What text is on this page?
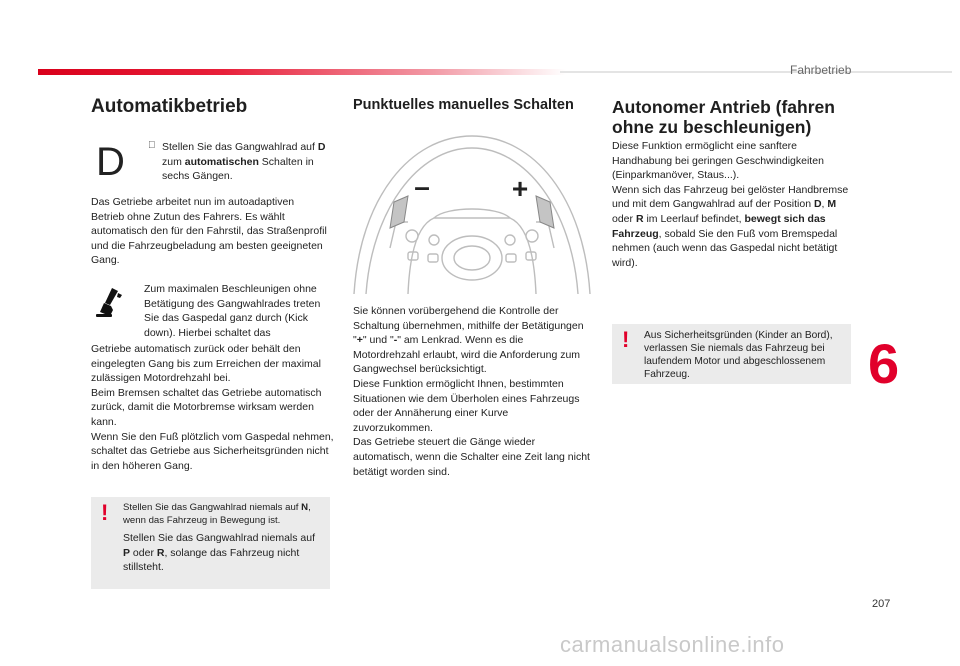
Fahrbetrieb
Automatikbetrieb
D	Stellen Sie das Gangwahlrad auf D zum automatischen Schalten in sechs Gängen.
Das Getriebe arbeitet nun im autoadaptiven Betrieb ohne Zutun des Fahrers. Es wählt automatisch den für den Fahrstil, das Straßenprofil und die Fahrzeugbeladung am besten geeigneten Gang.
Zum maximalen Beschleunigen ohne Betätigung des Gangwahlrades treten Sie das Gaspedal ganz durch (Kick down). Hierbei schaltet das
Getriebe automatisch zurück oder behält den eingelegten Gang bis zum Erreichen der maximal zulässigen Motordrehzahl bei.
Beim Bremsen schaltet das Getriebe automatisch zurück, damit die Motorbremse wirksam werden kann.
Wenn Sie den Fuß plötzlich vom Gaspedal nehmen, schaltet das Getriebe aus Sicherheitsgründen nicht in den höheren Gang.
! Stellen Sie das Gangwahlrad niemals auf N, wenn das Fahrzeug in Bewegung ist.
Stellen Sie das Gangwahlrad niemals auf P oder R, solange das Fahrzeug nicht stillsteht.
Punktuelles manuelles Schalten
–	+
Sie können vorübergehend die Kontrolle der Schaltung übernehmen, mithilfe der Betätigungen "+" und "-" am Lenkrad. Wenn es die Motordrehzahl erlaubt, wird die Anforderung zum Gangwechsel berücksichtigt.
Diese Funktion ermöglicht Ihnen, bestimmten Situationen wie dem Überholen eines Fahrzeugs oder der Annäherung einer Kurve zuvorzukommen.
Das Getriebe steuert die Gänge wieder automatisch, wenn die Schalter eine Zeit lang nicht betätigt worden sind.
Autonomer Antrieb (fahren ohne zu beschleunigen)
Diese Funktion ermöglicht eine sanftere Handhabung bei geringen Geschwindigkeiten (Einparkmanöver, Staus...).
Wenn sich das Fahrzeug bei gelöster Handbremse und mit dem Gangwahlrad auf der Position D, M oder R im Leerlauf befindet, bewegt sich das Fahrzeug, sobald Sie den Fuß vom Bremspedal nehmen (auch wenn das Gaspedal nicht betätigt wird).
! Aus Sicherheitsgründen (Kinder an Bord), verlassen Sie niemals das Fahrzeug bei laufendem Motor und abgeschlossenem Fahrzeug.	6
207
carmanualsonline.info
